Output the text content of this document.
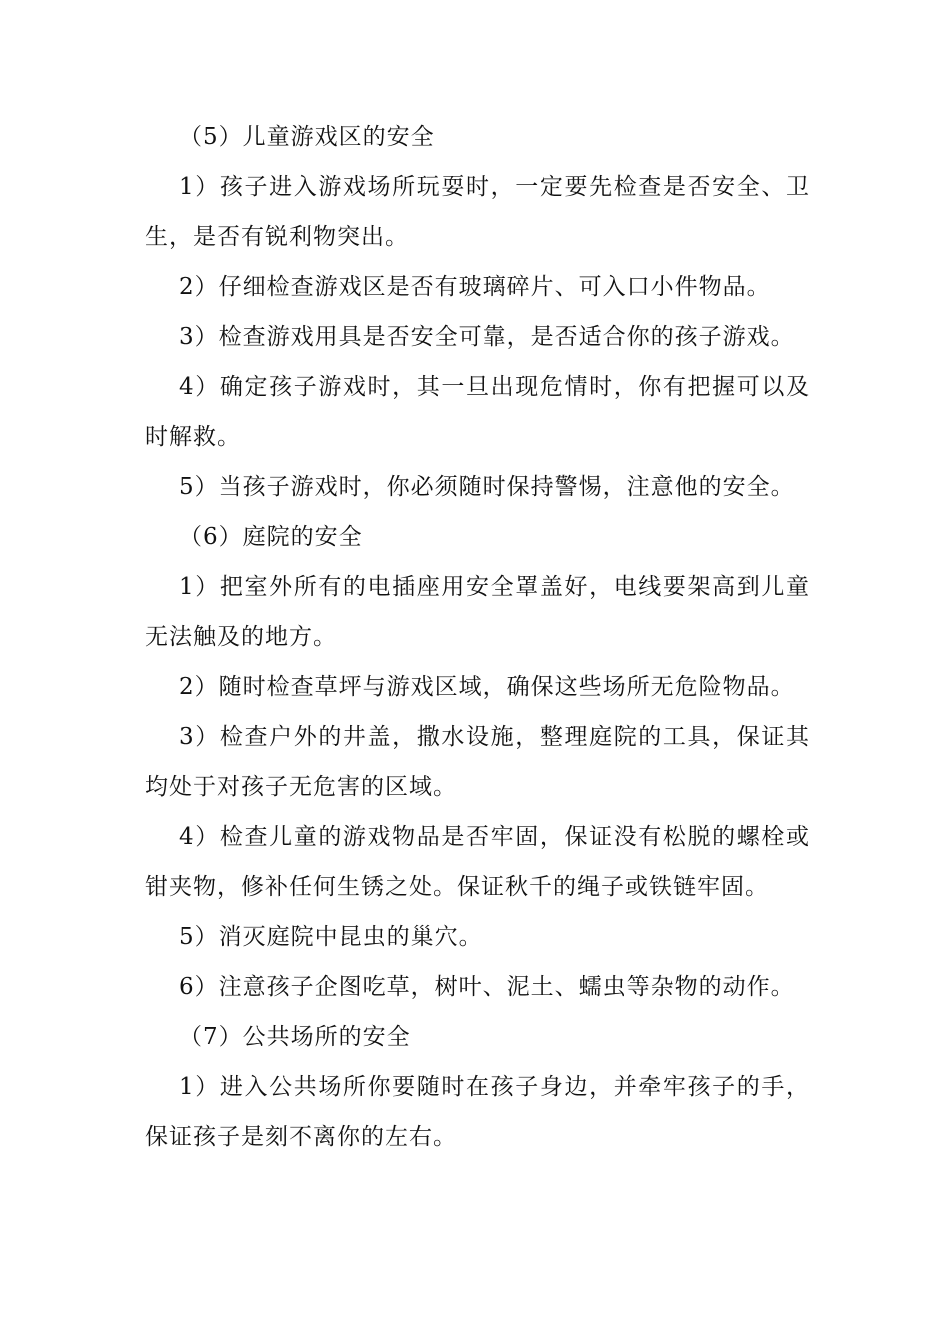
（5）儿童游戏区的安全

1）孩子进入游戏场所玩耍时，一定要先检查是否安全、卫生，是否有锐利物突出。

2）仔细检查游戏区是否有玻璃碎片、可入口小件物品。

3）检查游戏用具是否安全可靠，是否适合你的孩子游戏。

4）确定孩子游戏时，其一旦出现危情时，你有把握可以及时解救。

5）当孩子游戏时，你必须随时保持警惕，注意他的安全。

（6）庭院的安全

1）把室外所有的电插座用安全罩盖好，电线要架高到儿童无法触及的地方。

2）随时检查草坪与游戏区域，确保这些场所无危险物品。

3）检查户外的井盖，撒水设施，整理庭院的工具，保证其均处于对孩子无危害的区域。

4）检查儿童的游戏物品是否牢固，保证没有松脱的螺栓或钳夹物，修补任何生锈之处。保证秋千的绳子或铁链牢固。

5）消灭庭院中昆虫的巢穴。

6）注意孩子企图吃草，树叶、泥土、蠕虫等杂物的动作。

（7）公共场所的安全

1）进入公共场所你要随时在孩子身边，并牵牢孩子的手，保证孩子是刻不离你的左右。
